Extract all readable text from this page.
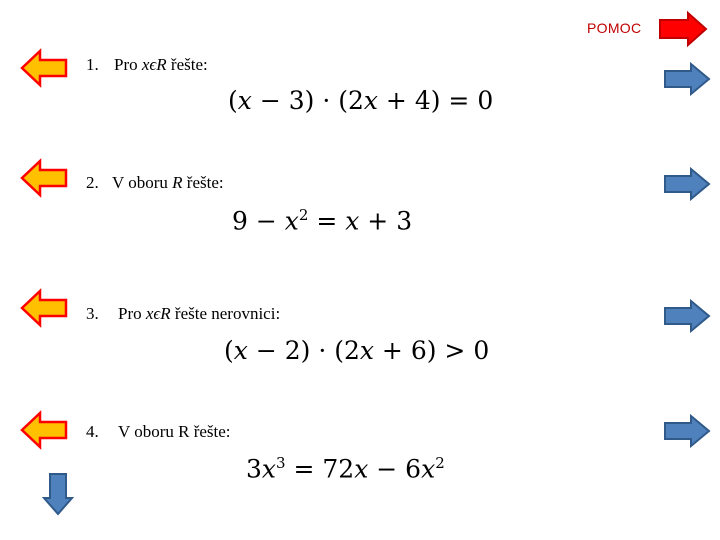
POMOC
1. Pro xϵR řešte:
(x − 3) · (2x + 4) = 0
2. V oboru R řešte:
$9 - x^2 = x + 3$
3. Pro xϵR řešte nerovnici:
(x − 2) · (2x + 6) > 0
4. V oboru R řešte:
$3x^3 = 72x - 6x^2$
